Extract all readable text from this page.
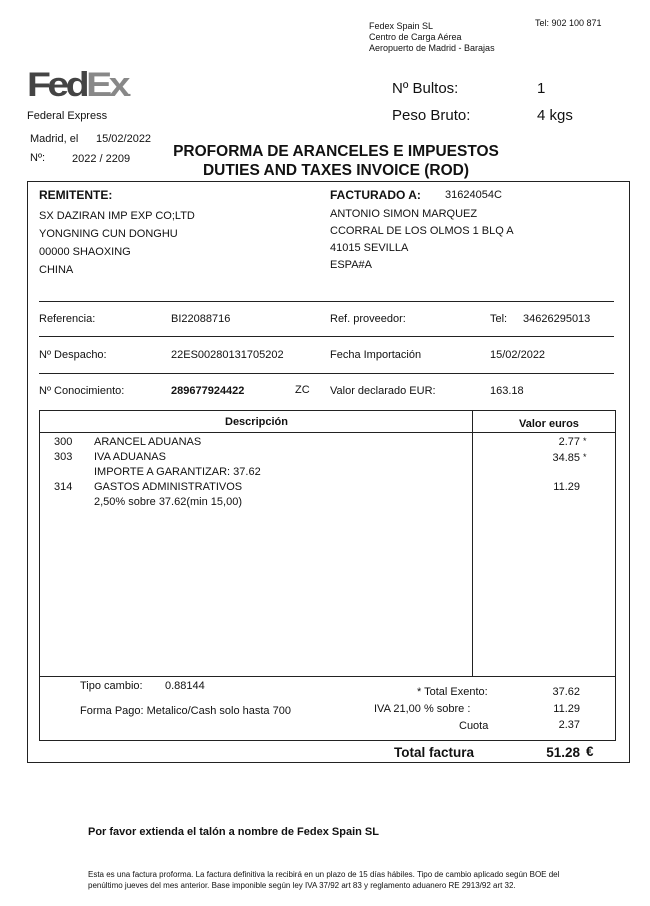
Fedex Spain SL
Centro de Carga Aérea
Aeropuerto de Madrid - Barajas
Tel: 902 100 871
FedEx.
Federal Express
Nº Bultos:	1
Peso Bruto:	4 kgs
Madrid, el 15/02/2022
Nº: 2022 / 2209	PROFORMA DE ARANCELES E IMPUESTOS
DUTIES AND TAXES INVOICE (ROD)
REMITENTE:
SX DAZIRAN IMP EXP CO;LTD
YONGNING CUN DONGHU
00000 SHAOXING
CHINA
FACTURADO A: 31624054C
ANTONIO SIMON MARQUEZ
CCORRAL DE LOS OLMOS 1 BLQ A
41015 SEVILLA
ESPA#A
Referencia:	BI22088716	Ref. proveedor:	Tel: 34626295013
Nº Despacho:	22ES00280131705202	Fecha Importación	15/02/2022
Nº Conocimiento:	289677924422	ZC Valor declarado EUR:	163.18
Descripción	Valor euros
300 ARANCEL ADUANAS	2.77 *
303 IVA ADUANAS	34.85 *
IMPORTE A GARANTIZAR: 37.62
314 GASTOS ADMINISTRATIVOS	11.29
2,50% sobre 37.62(min 15,00)
Tipo cambio: 0.88144
Forma Pago: Metalico/Cash solo hasta 700
* Total Exento:	37.62
IVA 21,00 % sobre :	11.29
Cuota	2.37
Total factura	51.28 €
Por favor extienda el talón a nombre de Fedex Spain SL
Esta es una factura proforma. La factura definitiva la recibirá en un plazo de 15 días hábiles. Tipo de cambio aplicado según BOE del
penúltimo jueves del mes anterior. Base imponible según ley IVA 37/92 art 83 y reglamento aduanero RE 2913/92 art 32.
